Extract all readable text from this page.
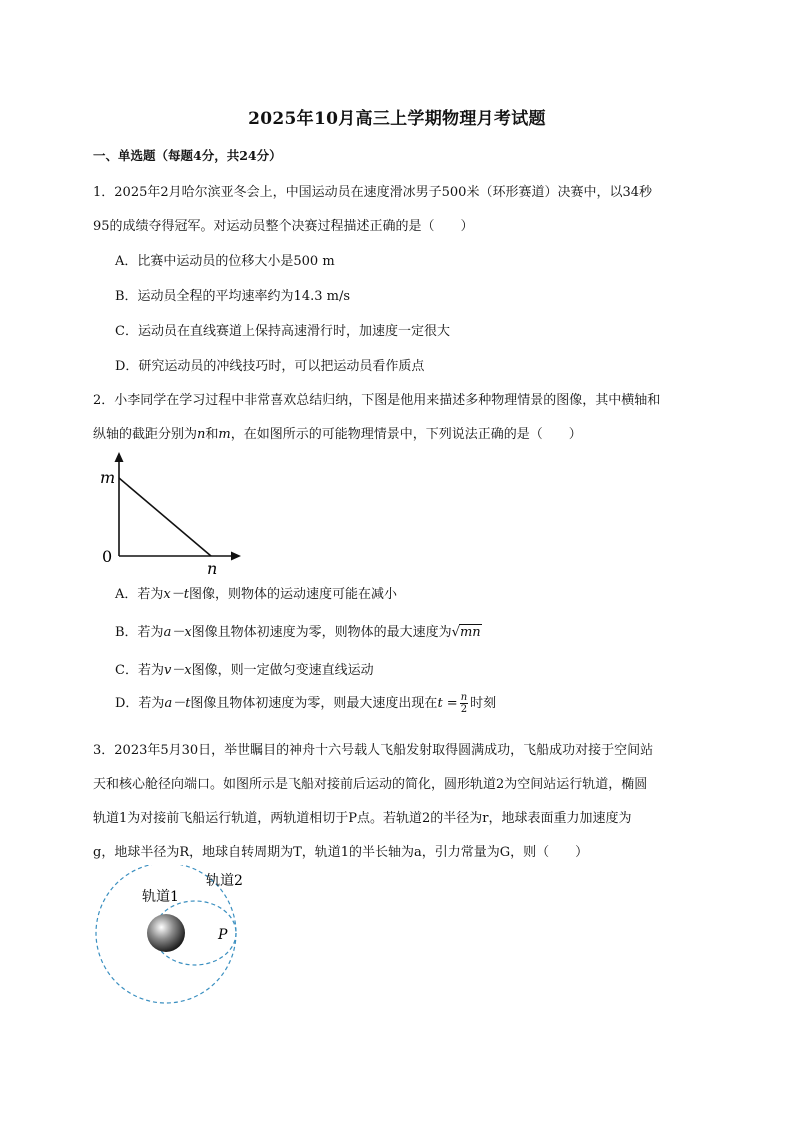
2025年10月高三上学期物理月考试题
一、单选题（每题4分，共24分）
1．2025年2月哈尔滨亚冬会上，中国运动员在速度滑冰男子500米（环形赛道）决赛中，以34秒
95的成绩夺得冠军。对运动员整个决赛过程描述正确的是（　　）
A．比赛中运动员的位移大小是500 m
B．运动员全程的平均速率约为14.3 m/s
C．运动员在直线赛道上保持高速滑行时，加速度一定很大
D．研究运动员的冲线技巧时，可以把运动员看作质点
2．小李同学在学习过程中非常喜欢总结归纳，下图是他用来描述多种物理情景的图像，其中横轴和
纵轴的截距分别为n和m，在如图所示的可能物理情景中，下列说法正确的是（　　）
m
0
n
A．若为x－t图像，则物体的运动速度可能在减小
B．若为a－x图像且物体初速度为零，则物体的最大速度为√mn
C．若为v－x图像，则一定做匀变速直线运动
D．若为a－t图像且物体初速度为零，则最大速度出现在$t = \frac{n}{2}$ 时刻
3．2023年5月30日，举世瞩目的神舟十六号载人飞船发射取得圆满成功，飞船成功对接于空间站
天和核心舱径向端口。如图所示是飞船对接前后运动的简化，圆形轨道2为空间站运行轨道，椭圆
轨道1为对接前飞船运行轨道，两轨道相切于P点。若轨道2的半径为r，地球表面重力加速度为
g，地球半径为R，地球自转周期为T，轨道1的半长轴为a，引力常量为G，则（　　）
轨道1
轨道2
P
